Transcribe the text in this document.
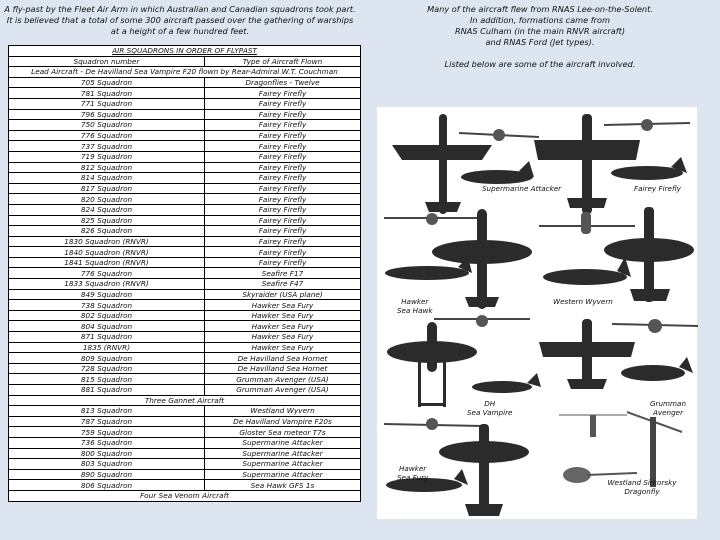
A fly-past by the Fleet Air Arm in which Australian and Canadian squadrons took part.
It is believed that a total of some 300 aircraft passed over the gathering of warships
at a height of a few hundred feet.
Many of the aircraft flew from RNAS Lee-on-the-Solent.
In addition, formations came from
RNAS Culham (in the main RNVR aircraft)
and RNAS Ford (Jet types).
Listed below are some of the aircraft involved.
AIR SQUADRONS IN ORDER OF FLYPAST	
Squadron number	Type of Aircraft Flown
Lead Aircraft - De Havilland Sea Vampire F20 flown by Rear-Admiral W.T. Couchman	
705 Squadron	Dragonflies - Twelve
781 Squadron	Fairey Firefly
771 Squadron	Fairey Firefly
796 Squadron	Fairey Firefly
750 Squadron	Fairey Firefly
776 Squadron	Fairey Firefly
737 Squadron	Fairey Firefly
719 Squadron	Fairey Firefly
812 Squadron	Fairey Firefly
814 Squadron	Fairey Firefly
817 Squadron	Fairey Firefly
820 Squadron	Fairey Firefly
824 Squadron	Fairey Firefly
825 Squadron	Fairey Firefly
826 Squadron	Fairey Firefly
1830 Squadron (RNVR)	Fairey Firefly
1840 Squadron (RNVR)	Fairey Firefly
1841 Squadron (RNVR)	Fairey Firefly
776 Squadron	Seafire F17
1833 Squadron (RNVR)	Seafire F47
849 Squadron	Skyraider (USA plane)
738 Squadron	Hawker Sea Fury
802 Squadron	Hawker Sea Fury
804 Squadron	Hawker Sea Fury
871 Squadron	Hawker Sea Fury
1835 (RNVR)	Hawker Sea Fury
809 Squadron	De Havilland Sea Hornet
728 Squadron	De Havilland Sea Hornet
815 Squadron	Grumman Avenger (USA)
881 Squadron	Grumman Avenger (USA)
Three Gannet Aircraft	
813 Squadron	Westland Wyvern
787 Squadron	De Havilland Vampire F20s
759 Squadron	Gloster Sea meteor T7s
736 Squadron	Supermarine Attacker
800 Squadron	Supermarine Attacker
803 Squadron	Supermarine Attacker
890 Squadron	Supermarine Attacker
806 Squadron	Sea Hawk GFS 1s
Four Sea Venom Aircraft	
Supermarine Attacker	Fairey Firefly
Hawker
Sea Hawk
Western Wyvern
DH
Sea Vampire
Grumman Avenger
Hawker
Sea Fury
Westland Sirkorsky
Dragonfly
